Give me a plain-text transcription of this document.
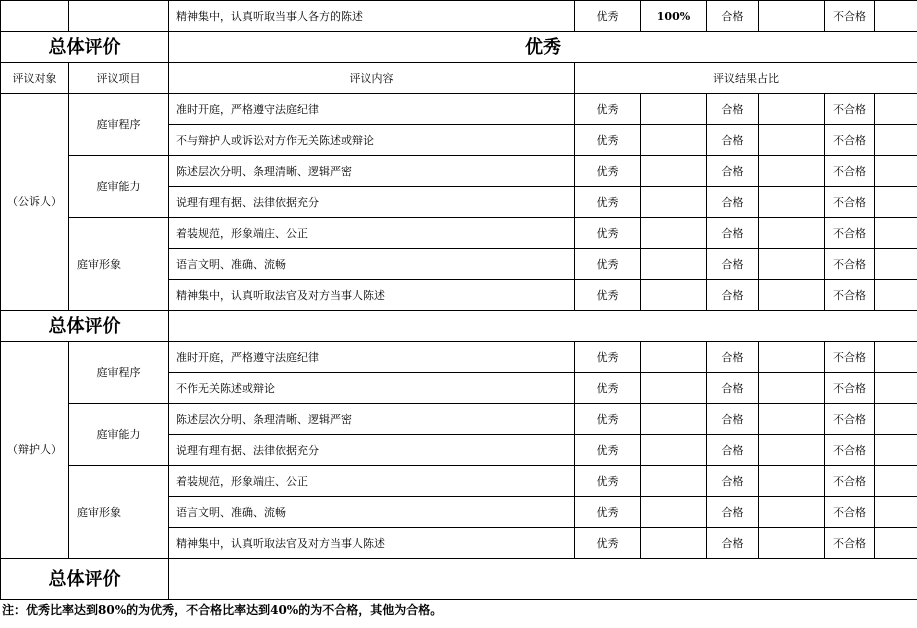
		精神集中，认真听取当事人各方的陈述	优秀	100%	合格		不合格	
总体评价		优秀						
评议对象	评议项目	评议内容	评议结果占比					
（公诉人）	庭审程序	准时开庭，严格遵守法庭纪律	优秀		合格		不合格	
		不与辩护人或诉讼对方作无关陈述或辩论	优秀		合格		不合格	
	庭审能力	陈述层次分明、条理清晰、逻辑严密	优秀		合格		不合格	
		说理有理有据、法律依据充分	优秀		合格		不合格	
	庭审形象	着装规范，形象端庄、公正	优秀		合格		不合格	
		语言文明、准确、流畅	优秀		合格		不合格	
		精神集中，认真听取法官及对方当事人陈述	优秀		合格		不合格	
总体评价								
（辩护人）	庭审程序	准时开庭，严格遵守法庭纪律	优秀		合格		不合格	
		不作无关陈述或辩论	优秀		合格		不合格	
	庭审能力	陈述层次分明、条理清晰、逻辑严密	优秀		合格		不合格	
		说理有理有据、法律依据充分	优秀		合格		不合格	
	庭审形象	着装规范，形象端庄、公正	优秀		合格		不合格	
		语言文明、准确、流畅	优秀		合格		不合格	
		精神集中，认真听取法官及对方当事人陈述	优秀		合格		不合格	
总体评价								
注：优秀比率达到80%的为优秀，不合格比率达到40%的为不合格，其他为合格。
